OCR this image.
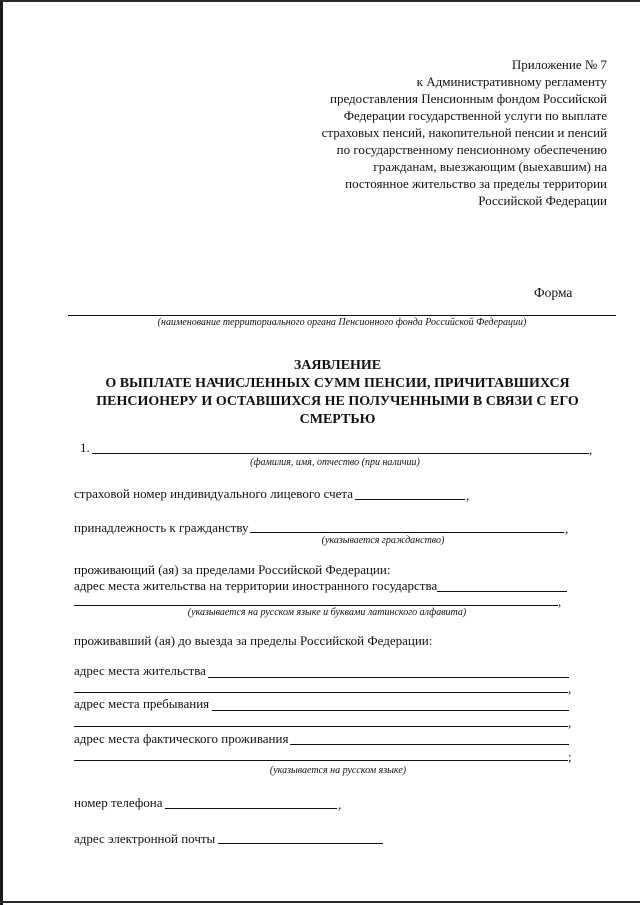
Приложение № 7
к Административному регламенту
предоставления Пенсионным фондом Российской
Федерации государственной услуги по выплате
страховых пенсий, накопительной пенсии и пенсий
по государственному пенсионному обеспечению
гражданам, выезжающим (выехавшим) на
постоянное жительство за пределы территории
Российской Федерации
Форма
(наименование территориального органа Пенсионного фонда Российской Федерации)
ЗАЯВЛЕНИЕ
О ВЫПЛАТЕ НАЧИСЛЕННЫХ СУММ ПЕНСИИ, ПРИЧИТАВШИХСЯ
ПЕНСИОНЕРУ И ОСТАВШИХСЯ НЕ ПОЛУЧЕННЫМИ В СВЯЗИ С ЕГО
СМЕРТЬЮ
1.	,
(фамилия, имя, отчество (при наличии)
страховой номер индивидуального лицевого счета	,
принадлежность к гражданству	,
(указывается гражданство)
проживающий (ая) за пределами Российской Федерации:
адрес места жительства на территории иностранного государства
,
(указывается на русском языке и буквами латинского алфавита)
проживавший (ая) до выезда за пределы Российской Федерации:
адрес места жительства
,
адрес места пребывания
,
адрес места фактического проживания
;
(указывается на русском языке)
номер телефона	,
адрес электронной почты
